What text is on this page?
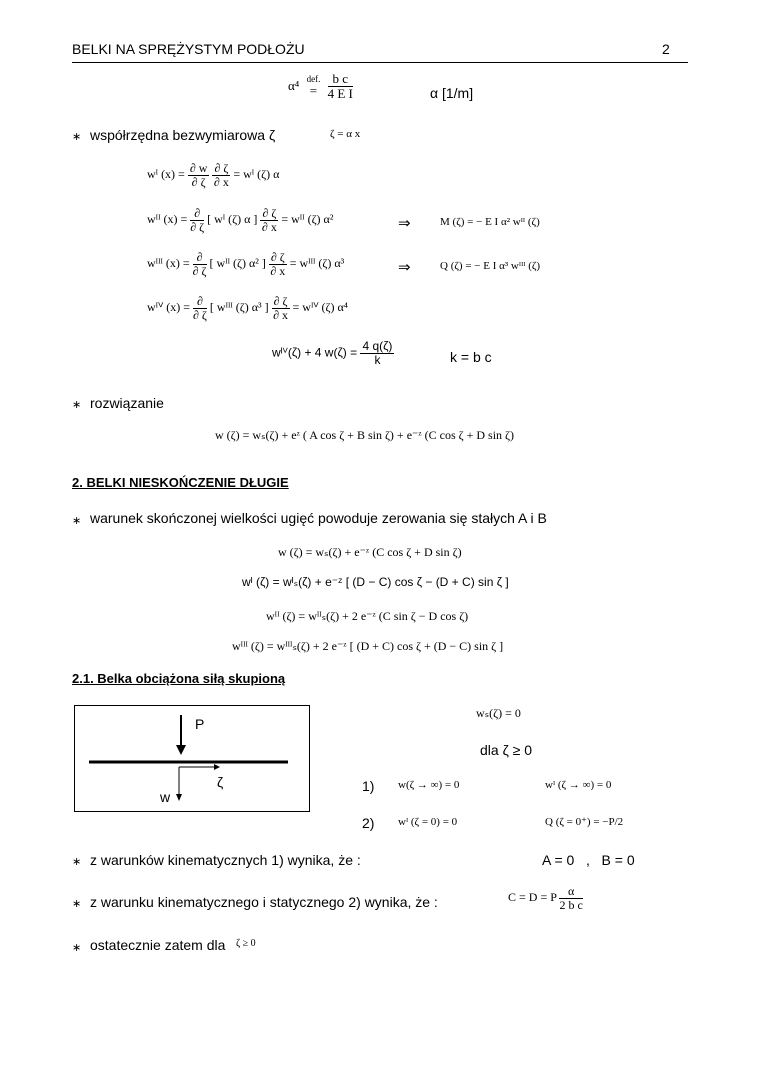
BELKI NA SPRĘŻYSTYM PODŁOŻU	2
α⁴ def.
=
$\frac{\text{b c}}{\text{4 E I}}$	α [1/m]
∗ współrzędna bezwymiarowa ζ	ζ = α x
wᴵ $(x) = \frac{\partial w}{\partial \zeta}$
$\frac{\partial \zeta}{\partial x}$ = wᴵ (ζ) α
wᴵᴵ $(x) = \frac{\partial}{\partial \zeta}$ [ wᴵ (ζ) α ] $\frac{\partial \zeta}{\partial x}$ = wᴵᴵ (ζ) α²	⇒	M (ζ) = − E I α² wᴵᴵ (ζ)
wᴵᴵᴵ $(x) = \frac{\partial}{\partial \zeta}$ [ wᴵᴵ (ζ) α² ] $\frac{\partial \zeta}{\partial x}$ = wᴵᴵᴵ (ζ) α³	⇒	Q (ζ) = − E I α³ wᴵᴵᴵ (ζ)
wᴵⱽ $(x) = \frac{\partial}{\partial \zeta}$ [ wᴵᴵᴵ (ζ) α³ ] $\frac{\partial \zeta}{\partial x}$ = wᴵⱽ (ζ) α⁴
wᴵⱽ(ζ) + 4 $w(\zeta) = \frac{4 q(\zeta)}{k}$	k = b c
∗ rozwiązanie
w (ζ) = wₛ(ζ) + eᶻ ( A cos ζ + B sin ζ) + e⁻ᶻ (C cos ζ + D sin ζ)
2. BELKI NIESKOŃCZENIE DŁUGIE
∗ warunek skończonej wielkości ugięć powoduje zerowania się stałych A i B
w (ζ) = wₛ(ζ) + e⁻ᶻ (C cos ζ + D sin ζ)
wᴵ (ζ) = wᴵₛ(ζ) + e⁻ᶻ [ (D − C) cos ζ − (D + C) sin ζ ]
wᴵᴵ (ζ) = wᴵᴵₛ(ζ) + 2 e⁻ᶻ (C sin ζ − D cos ζ)
wᴵᴵᴵ (ζ) = wᴵᴵᴵₛ(ζ) + 2 e⁻ᶻ [ (D + C) cos ζ + (D − C) sin ζ ]
2.1. Belka obciążona siłą skupioną
P
ζ
w
wₛ(ζ) = 0
dla ζ ≥ 0
1) w(ζ → ∞) = 0	wᴵ (ζ → ∞) = 0
2) wᴵ (ζ = 0) = 0	Q (ζ = 0⁺) = −P/2
∗ z warunków kinematycznych 1) wynika, że :	A = 0   ,   B = 0
∗ z warunku kinematycznego i statycznego 2) wynika, że :	C = D = P $\frac{\alpha}{\text{2 b c}}$
∗ ostatecznie zatem dla ζ ≥ 0
